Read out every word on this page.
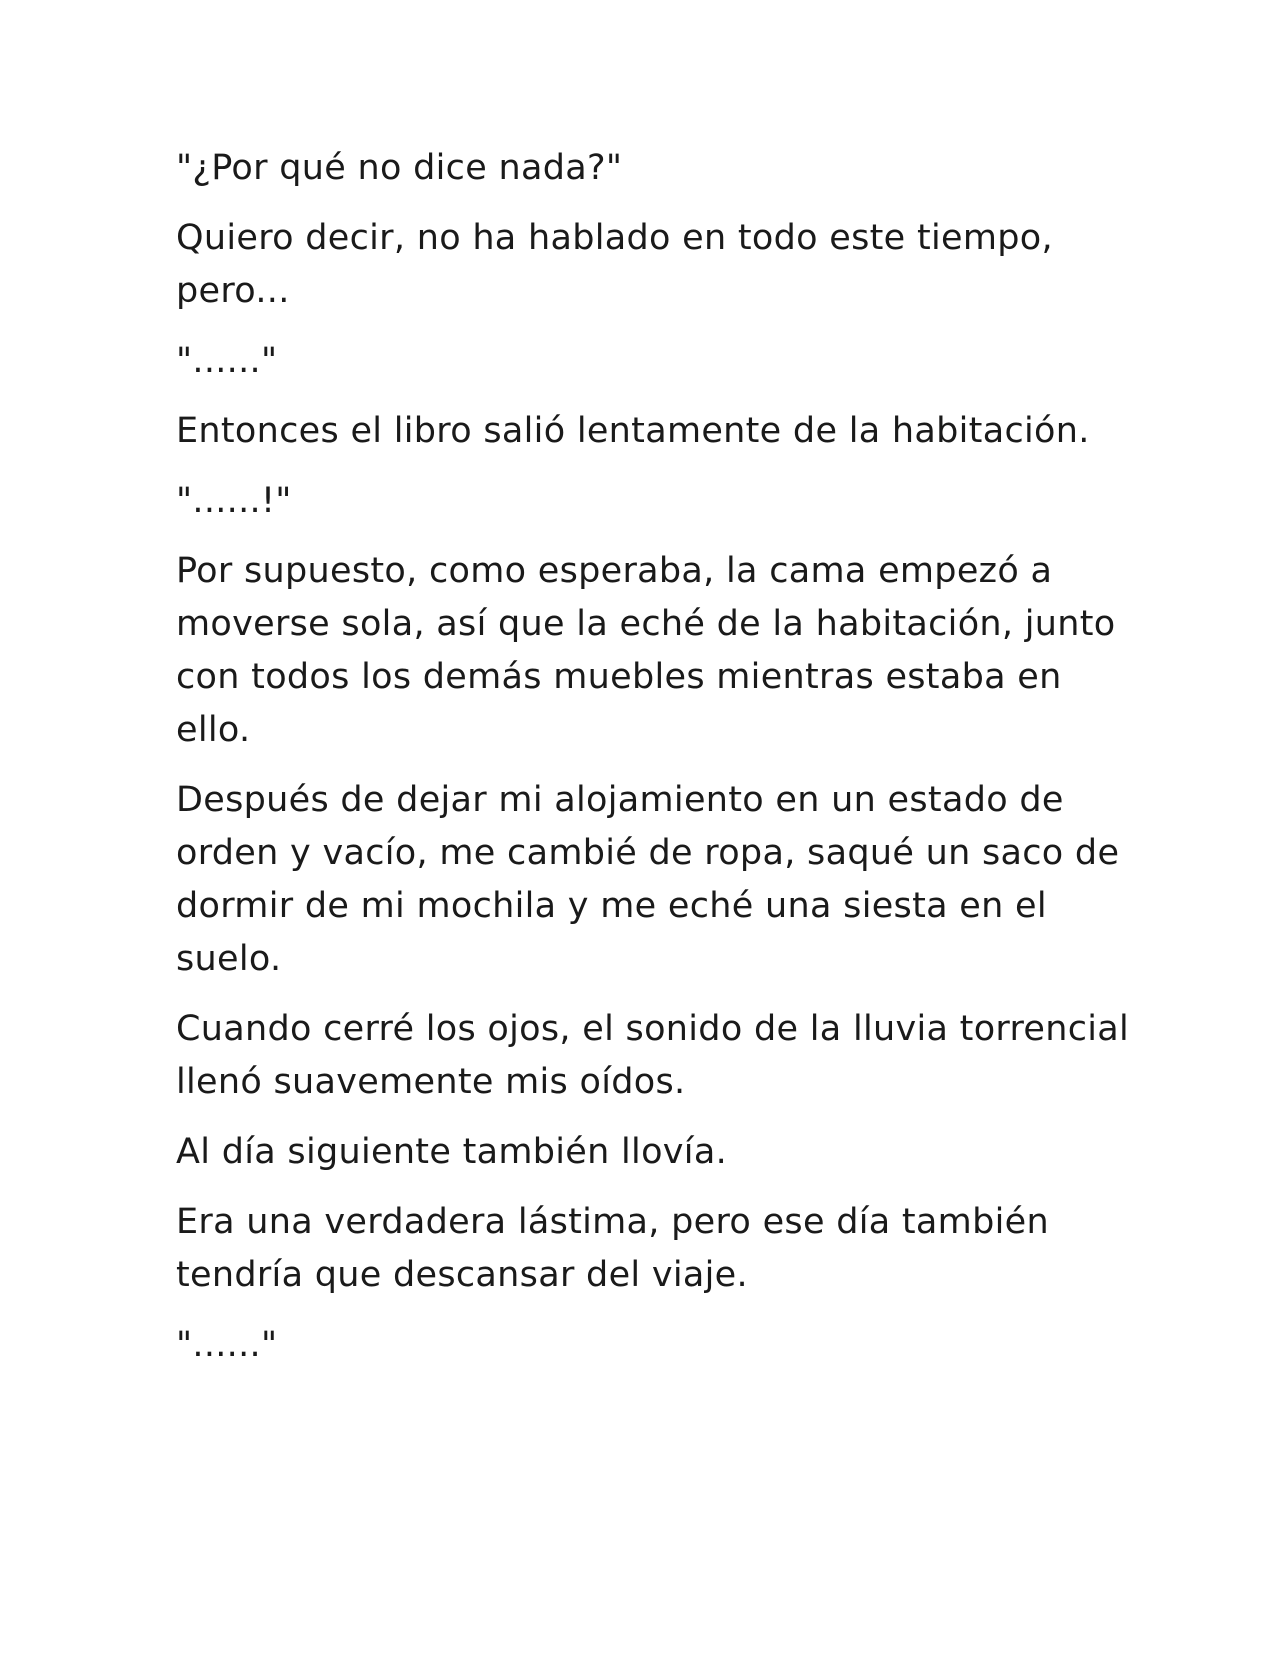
"¿Por qué no dice nada?"

Quiero decir, no ha hablado en todo este tiempo, pero...

"......"

Entonces el libro salió lentamente de la habitación.

"......!"

Por supuesto, como esperaba, la cama empezó a moverse sola, así que la eché de la habitación, junto con todos los demás muebles mientras estaba en ello.

Después de dejar mi alojamiento en un estado de orden y vacío, me cambié de ropa, saqué un saco de dormir de mi mochila y me eché una siesta en el suelo.

Cuando cerré los ojos, el sonido de la lluvia torrencial llenó suavemente mis oídos.

Al día siguiente también llovía.

Era una verdadera lástima, pero ese día también tendría que descansar del viaje.

"......"
